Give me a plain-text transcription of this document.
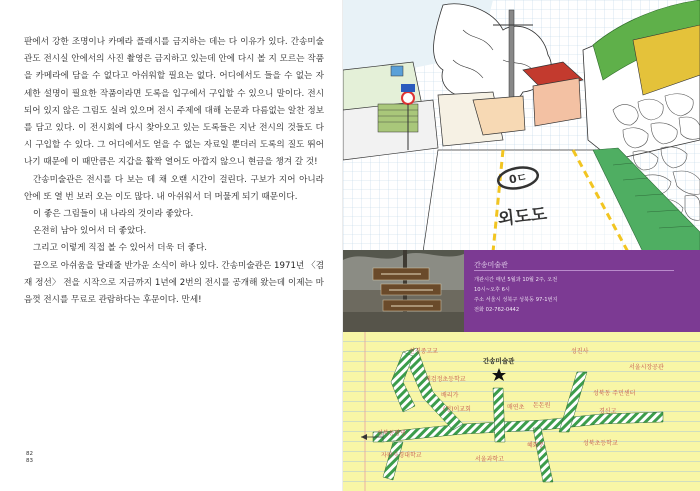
판에서 강한 조명이나 카메라 플래시를 금지하는 데는 다 이유가 있다. 간송미술관도 전시실 안에서의 사진 촬영은 금지하고 있는데 안에 다시 볼 지 모르는 작품을 카메라에 담을 수 없다고 아쉬워할 필요는 없다. 어디에서도 들을 수 없는 자세한 설명이 필요한 작품이라면 도록을 입구에서 구입할 수 있으니 말이다. 전시되어 있지 않은 그림도 실려 있으며 전시 주제에 대해 논문과 다름없는 알찬 정보를 담고 있다. 이 전시회에 다시 찾아오고 있는 도록들은 지난 전시의 것들도 다시 구입할 수 있다. 그 어디에서도 얻을 수 없는 자료일 뿐더러 도록의 질도 뛰어나기 때문에 이 때만큼은 지갑을 활짝 열어도 아깝지 않으니 현금을 챙겨 갈 것!

간송미술관은 전시를 다 보는 데 채 오랜 시간이 걸린다. 구보가 지어 아니라 안에 또 열 번 보러 오는 이도 많다. 내 아쉬워서 더 머물게 되기 때문이다.

이 좋은 그림들이 내 나라의 것이라 좋았다.

온전히 남아 있어서 더 좋았다.

그리고 이렇게 직접 볼 수 있어서 더욱 더 좋다.

끝으로 아쉬움을 달래줄 반가운 소식이 하나 있다. 간송미술관은 1971년 〈겸재 정선〉 전을 시작으로 지금까지 1년에 2번의 전시를 공개해 왔는데 이제는 마음껏 전시를 무료로 관람하다는 후문이다. 만세!

82
83
0ㄷ
외도도
간송미술관
개관시간 매년 5월과 10월 2주, 오전
10시~오후 6시
주소 서울시 성북구 성북동 97-1번지
전화 02-762-0442
선경중고교
간송미술관
세검정초등학교
배리가
(청)이교회	매연초 돈돈원
성진사
서울시장공관
성북동 주민센터
경신고
혜화문	성북초등학교
성북동방면
자판사경대학교
서울과학고
